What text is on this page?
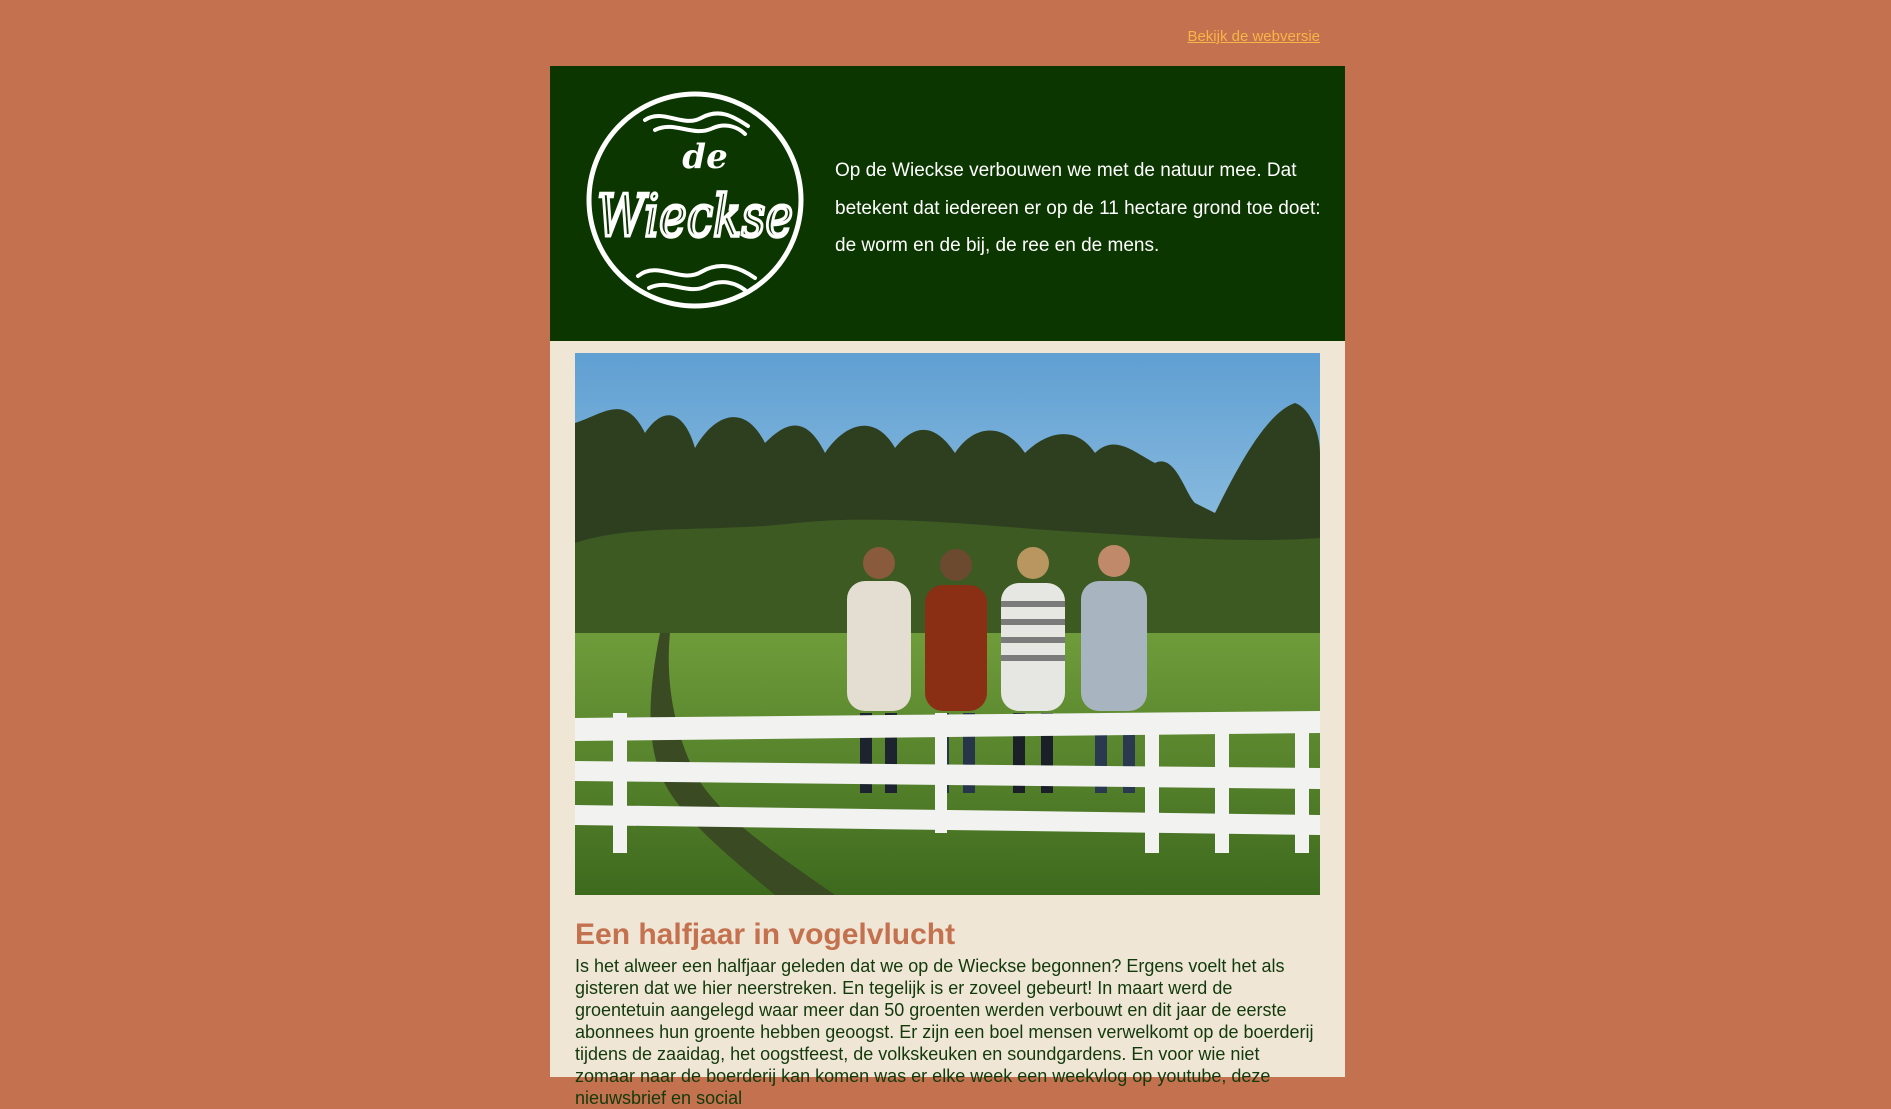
Bekijk de webversie
de
Wieckse

Op de Wieckse verbouwen we met de natuur mee. Dat betekent dat iedereen er op de 11 hectare grond toe doet: de worm en de bij, de ree en de mens.

Een halfjaar in vogelvlucht

Is het alweer een halfjaar geleden dat we op de Wieckse begonnen? Ergens voelt het als gisteren dat we hier neerstreken. En tegelijk is er zoveel gebeurt! In maart werd de groentetuin aangelegd waar meer dan 50 groenten werden verbouwt en dit jaar de eerste abonnees hun groente hebben geoogst. Er zijn een boel mensen verwelkomt op de boerderij tijdens de zaaidag, het oogstfeest, de volkskeuken en soundgardens. En voor wie niet zomaar naar de boerderij kan komen was er elke week een weekvlog op youtube, deze nieuwsbrief en social
